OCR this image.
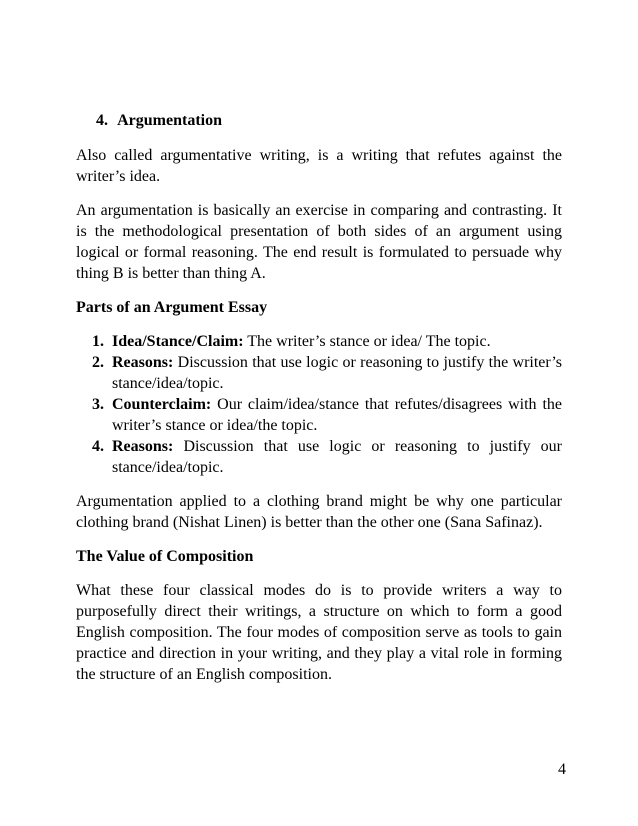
4. Argumentation

Also called argumentative writing, is a writing that refutes against the writer’s idea.

An argumentation is basically an exercise in comparing and contrasting. It is the methodological presentation of both sides of an argument using logical or formal reasoning. The end result is formulated to persuade why thing B is better than thing A.

Parts of an Argument Essay
1. Idea/Stance/Claim: The writer’s stance or idea/ The topic.
2. Reasons: Discussion that use logic or reasoning to justify the writer’s stance/idea/topic.
3. Counterclaim: Our claim/idea/stance that refutes/disagrees with the writer’s stance or idea/the topic.
4. Reasons: Discussion that use logic or reasoning to justify our stance/idea/topic.

Argumentation applied to a clothing brand might be why one particular clothing brand (Nishat Linen) is better than the other one (Sana Safinaz).

The Value of Composition

What these four classical modes do is to provide writers a way to purposefully direct their writings, a structure on which to form a good English composition. The four modes of composition serve as tools to gain practice and direction in your writing, and they play a vital role in forming the structure of an English composition.

4
